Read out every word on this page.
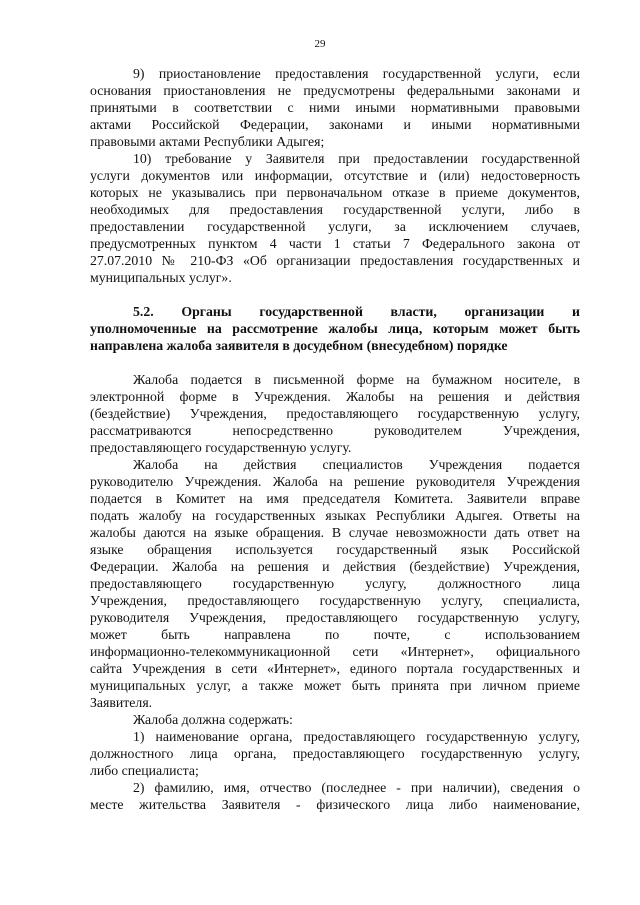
29
9) приостановление предоставления государственной услуги, если
основания приостановления не предусмотрены федеральными законами и
принятыми в соответствии с ними иными нормативными правовыми
актами Российской Федерации, законами и иными нормативными
правовыми актами Республики Адыгея;
10) требование у Заявителя при предоставлении государственной
услуги документов или информации, отсутствие и (или) недостоверность
которых не указывались при первоначальном отказе в приеме документов,
необходимых для предоставления государственной услуги, либо в
предоставлении государственной услуги, за исключением случаев,
предусмотренных пунктом 4 части 1 статьи 7 Федерального закона от
27.07.2010 № 210-ФЗ «Об организации предоставления государственных и
муниципальных услуг».
5.2. Органы государственной власти, организации и
уполномоченные на рассмотрение жалобы лица, которым может быть
направлена жалоба заявителя в досудебном (внесудебном) порядке
Жалоба подается в письменной форме на бумажном носителе, в
электронной форме в Учреждения. Жалобы на решения и действия
(бездействие) Учреждения, предоставляющего государственную услугу,
рассматриваются непосредственно руководителем Учреждения,
предоставляющего государственную услугу.
Жалоба на действия специалистов Учреждения подается
руководителю Учреждения. Жалоба на решение руководителя Учреждения
подается в Комитет на имя председателя Комитета. Заявители вправе
подать жалобу на государственных языках Республики Адыгея. Ответы на
жалобы даются на языке обращения. В случае невозможности дать ответ на
языке обращения используется государственный язык Российской
Федерации. Жалоба на решения и действия (бездействие) Учреждения,
предоставляющего государственную услугу, должностного лица
Учреждения, предоставляющего государственную услугу, специалиста,
руководителя Учреждения, предоставляющего государственную услугу,
может быть направлена по почте, с использованием
информационно-телекоммуникационной сети «Интернет», официального
сайта Учреждения в сети «Интернет», единого портала государственных и
муниципальных услуг, а также может быть принята при личном приеме
Заявителя.
Жалоба должна содержать:
1) наименование органа, предоставляющего государственную услугу,
должностного лица органа, предоставляющего государственную услугу,
либо специалиста;
2) фамилию, имя, отчество (последнее - при наличии), сведения о
месте жительства Заявителя - физического лица либо наименование,
